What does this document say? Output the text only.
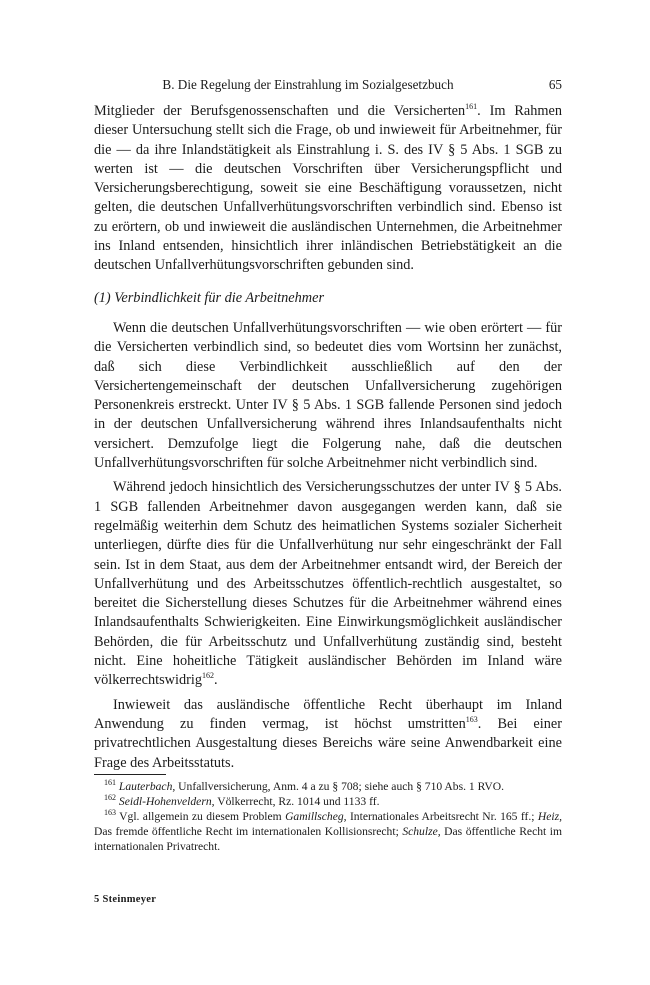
B. Die Regelung der Einstrahlung im Sozialgesetzbuch	65

Mitglieder der Berufsgenossenschaften und die Versicherten$^{161}$. Im Rahmen dieser Untersuchung stellt sich die Frage, ob und inwieweit für Arbeitnehmer, für die — da ihre Inlandstätigkeit als Einstrahlung i. S. des IV § 5 Abs. 1 SGB zu werten ist — die deutschen Vorschriften über Versicherungspflicht und Versicherungsberechtigung, soweit sie eine Beschäftigung voraussetzen, nicht gelten, die deutschen Unfallverhütungsvorschriften verbindlich sind. Ebenso ist zu erörtern, ob und inwieweit die ausländischen Unternehmen, die Arbeitnehmer ins Inland entsenden, hinsichtlich ihrer inländischen Betriebstätigkeit an die deutschen Unfallverhütungsvorschriften gebunden sind.

(1) Verbindlichkeit für die Arbeitnehmer

Wenn die deutschen Unfallverhütungsvorschriften — wie oben erörtert — für die Versicherten verbindlich sind, so bedeutet dies vom Wortsinn her zunächst, daß sich diese Verbindlichkeit ausschließlich auf den der Versichertengemeinschaft der deutschen Unfallversicherung zugehörigen Personenkreis erstreckt. Unter IV § 5 Abs. 1 SGB fallende Personen sind jedoch in der deutschen Unfallversicherung während ihres Inlandsaufenthalts nicht versichert. Demzufolge liegt die Folgerung nahe, daß die deutschen Unfallverhütungsvorschriften für solche Arbeitnehmer nicht verbindlich sind.

Während jedoch hinsichtlich des Versicherungsschutzes der unter IV § 5 Abs. 1 SGB fallenden Arbeitnehmer davon ausgegangen werden kann, daß sie regelmäßig weiterhin dem Schutz des heimatlichen Systems sozialer Sicherheit unterliegen, dürfte dies für die Unfallverhütung nur sehr eingeschränkt der Fall sein. Ist in dem Staat, aus dem der Arbeitnehmer entsandt wird, der Bereich der Unfallverhütung und des Arbeitsschutzes öffentlich-rechtlich ausgestaltet, so bereitet die Sicherstellung dieses Schutzes für die Arbeitnehmer während eines Inlandsaufenthalts Schwierigkeiten. Eine Einwirkungsmöglichkeit ausländischer Behörden, die für Arbeitsschutz und Unfallverhütung zuständig sind, besteht nicht. Eine hoheitliche Tätigkeit ausländischer Behörden im Inland wäre völkerrechtswidrig$^{162}$.

Inwieweit das ausländische öffentliche Recht überhaupt im Inland Anwendung zu finden vermag, ist höchst umstritten$^{163}$. Bei einer privatrechtlichen Ausgestaltung dieses Bereichs wäre seine Anwendbarkeit eine Frage des Arbeitsstatuts.

$^{161}$ Lauterbach, Unfallversicherung, Anm. 4 a zu § 708; siehe auch § 710 Abs. 1 RVO.

$^{162}$ Seidl-Hohenveldern, Völkerrecht, Rz. 1014 und 1133 ff.

$^{163}$ Vgl. allgemein zu diesem Problem Gamillscheg, Internationales Arbeitsrecht Nr. 165 ff.; Heiz, Das fremde öffentliche Recht im internationalen Kollisionsrecht; Schulze, Das öffentliche Recht im internationalen Privatrecht.

5 Steinmeyer
